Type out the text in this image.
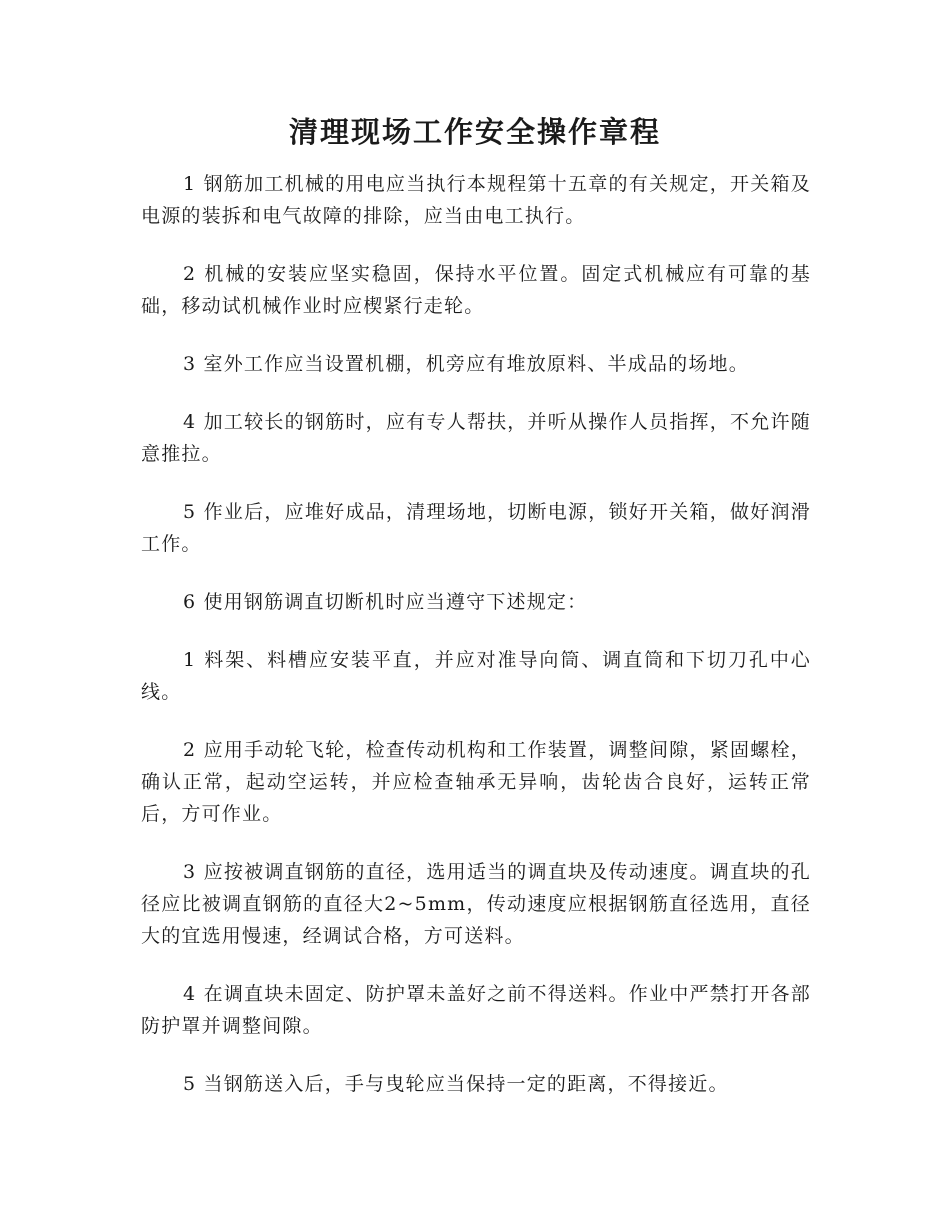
清理现场工作安全操作章程

1 钢筋加工机械的用电应当执行本规程第十五章的有关规定，开关箱及电源的装拆和电气故障的排除，应当由电工执行。

2 机械的安装应坚实稳固，保持水平位置。固定式机械应有可靠的基础，移动试机械作业时应楔紧行走轮。

3 室外工作应当设置机棚，机旁应有堆放原料、半成品的场地。

4 加工较长的钢筋时，应有专人帮扶，并听从操作人员指挥，不允许随意推拉。

5 作业后，应堆好成品，清理场地，切断电源，锁好开关箱，做好润滑工作。

6 使用钢筋调直切断机时应当遵守下述规定：

1 料架、料槽应安装平直，并应对准导向筒、调直筒和下切刀孔中心线。

2 应用手动轮飞轮，检查传动机构和工作装置，调整间隙，紧固螺栓，确认正常，起动空运转，并应检查轴承无异响，齿轮齿合良好，运转正常后，方可作业。

3 应按被调直钢筋的直径，选用适当的调直块及传动速度。调直块的孔径应比被调直钢筋的直径大2~5mm，传动速度应根据钢筋直径选用，直径大的宜选用慢速，经调试合格，方可送料。

4 在调直块未固定、防护罩未盖好之前不得送料。作业中严禁打开各部防护罩并调整间隙。

5 当钢筋送入后，手与曳轮应当保持一定的距离，不得接近。
